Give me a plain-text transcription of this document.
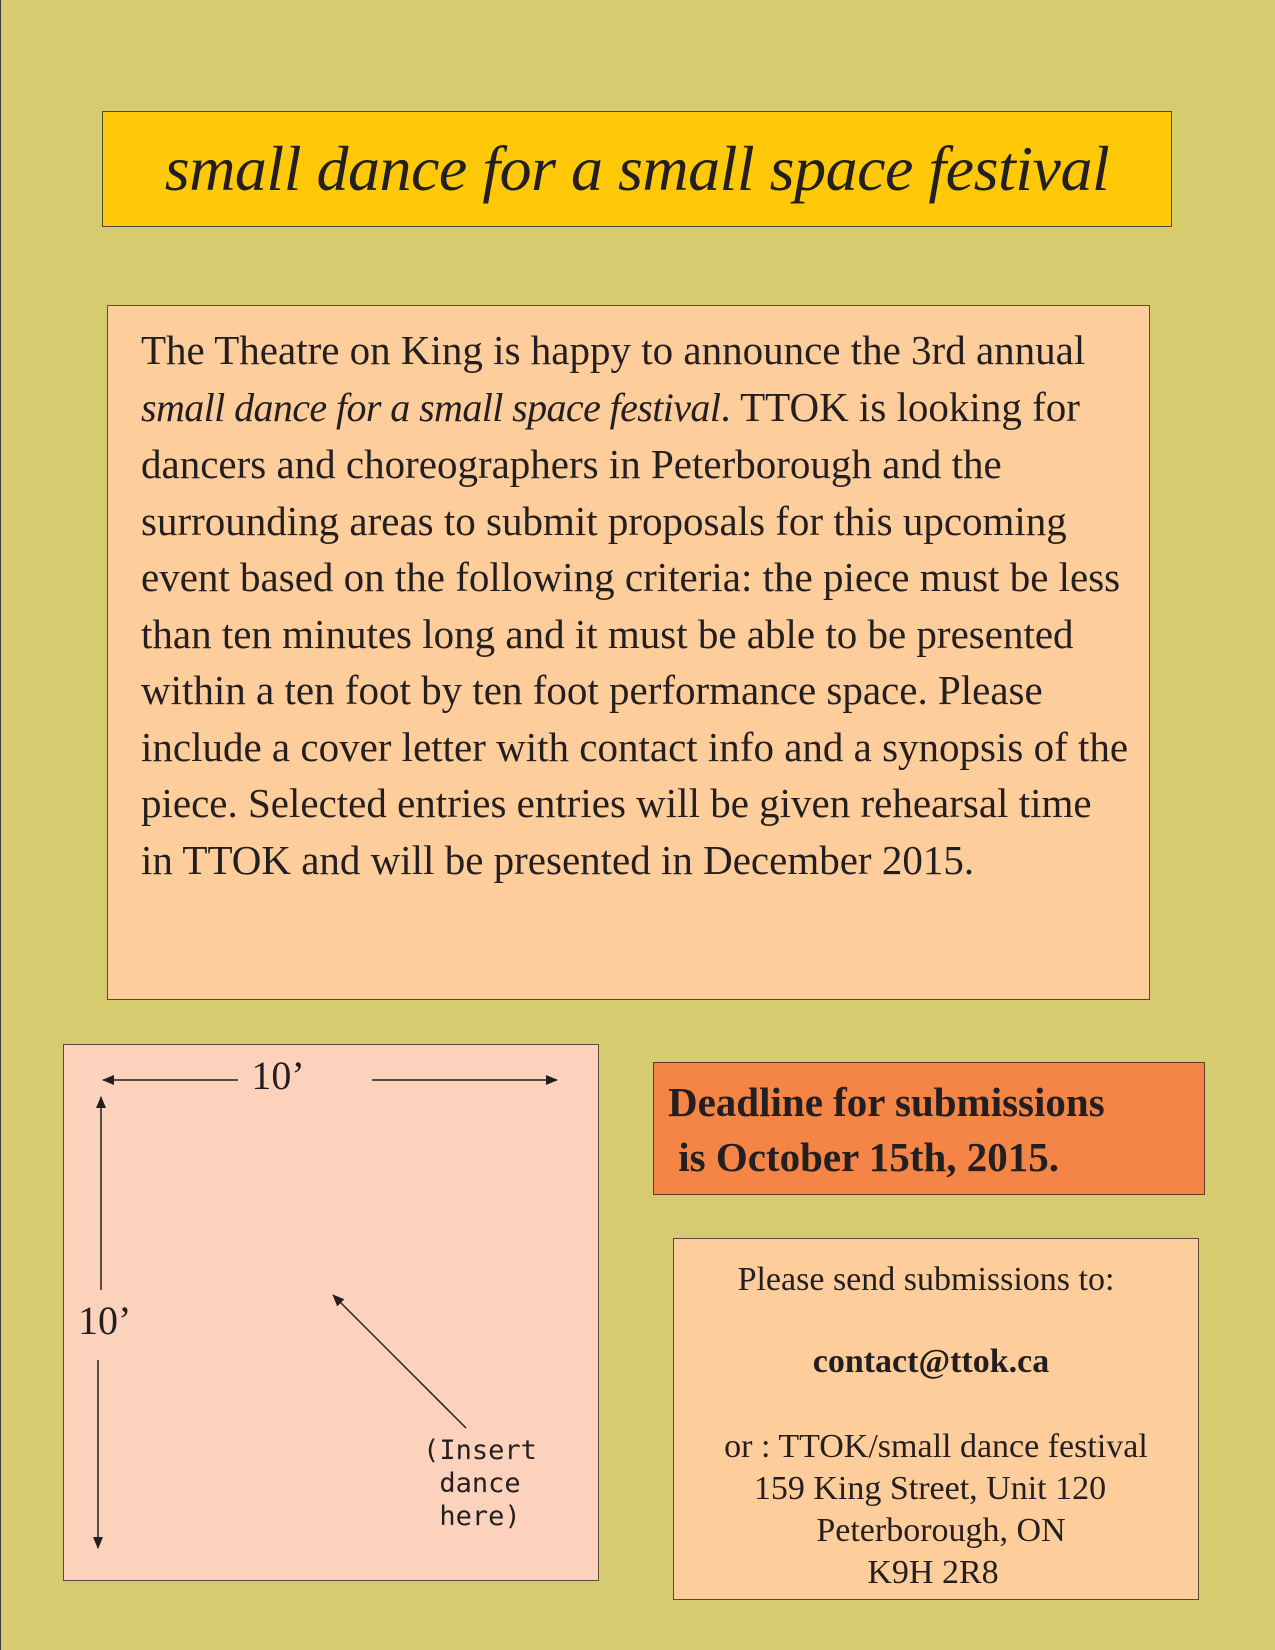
small dance for a small space festival

The Theatre on King is happy to announce the 3rd annual small dance for a small space festival. TTOK is looking for dancers and choreographers in Peterborough and the surrounding areas to submit proposals for this upcoming event based on the following criteria: the piece must be less than ten minutes long and it must be able to be presented within a ten foot by ten foot performance space. Please include a cover letter with contact info and a synopsis of the piece. Selected entries entries will be given rehearsal time in TTOK and will be presented in December 2015.

10’
10’
(Insert
dance
here)
Deadline for submissions
is October 15th, 2015.
Please send submissions to:
contact@ttok.ca
or : TTOK/small dance festival
159 King Street, Unit 120
Peterborough, ON
K9H 2R8
